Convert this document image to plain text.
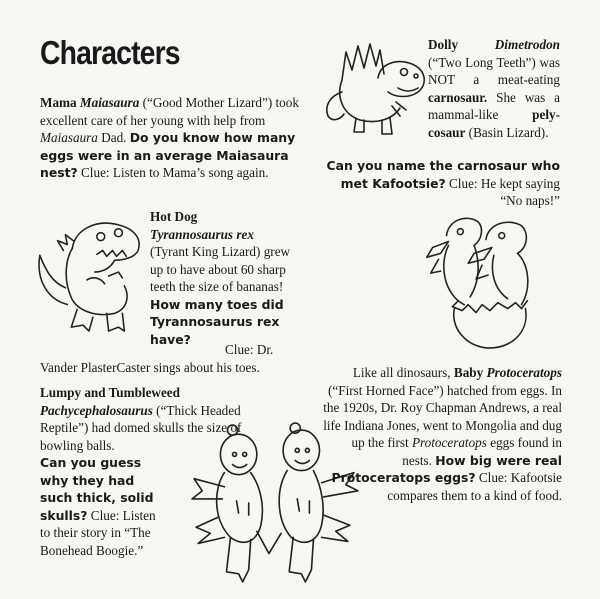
Characters
Mama Maiasaura (“Good Mother Lizard”) took excellent care of her young with help from Maiasaura Dad. Do you know how many eggs were in an average Maiasaura nest? Clue: Listen to Mama’s song again.
Hot Dog
Tyrannosaurus rex
(Tyrant King Lizard) grew up to have about 60 sharp teeth the size of bananas! How many toes did Tyrannosaurus rex have?
Clue: Dr. Vander PlasterCaster sings about his toes.
Lumpy and Tumbleweed
Pachycephalosaurus (“Thick Headed Reptile”) had domed skulls the size of bowling balls.
Can you guess why they had such thick, solid skulls? Clue: Listen to their story in “The Bonehead Boogie.”
Dolly	Dimetrodon (“Two Long Teeth”) was NOT a meat-eating carnosaur. She was a mammal-like	pely-cosaur (Basin Lizard).
Can you name the carnosaur who met Kafootsie? Clue: He kept saying “No naps!”
Like all dinosaurs, Baby Protoceratops (“First Horned Face”) hatched from eggs. In the 1920s, Dr. Roy Chapman Andrews, a real life Indiana Jones, went to Mongolia and dug up the first Protoceratops eggs found in nests. How big were real Protoceratops eggs? Clue: Kafootsie compares them to a kind of food.
